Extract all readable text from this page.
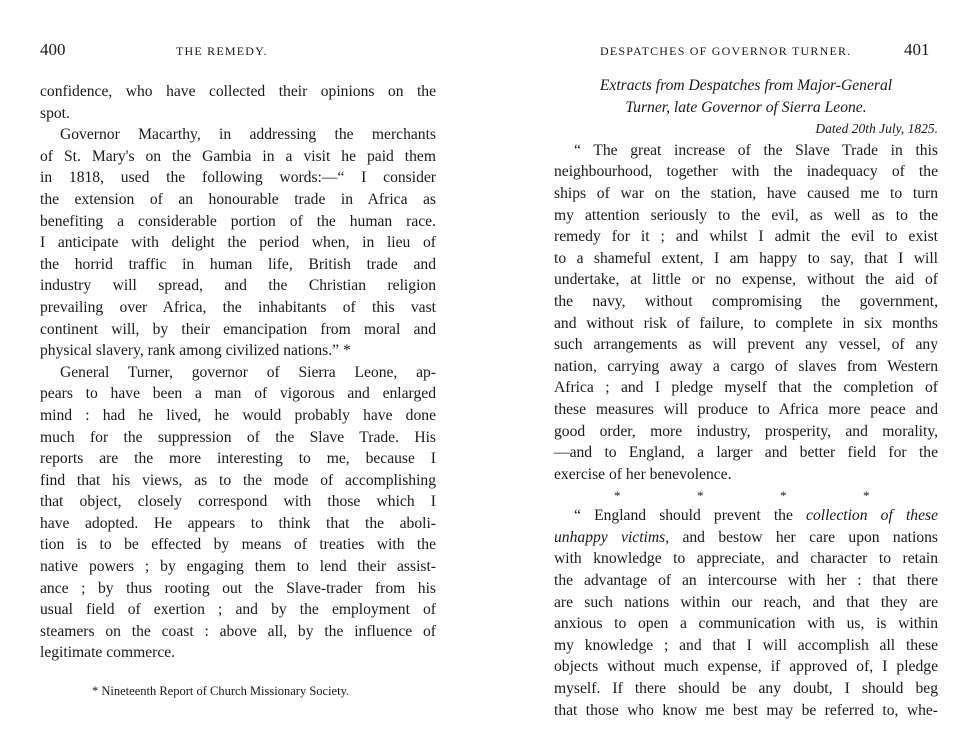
400	THE REMEDY.
confidence, who have collected their opinions on the
spot.
Governor Macarthy, in addressing the merchants
of St. Mary's on the Gambia in a visit he paid them
in 1818, used the following words:—“ I consider
the extension of an honourable trade in Africa as
benefiting a considerable portion of the human race.
I anticipate with delight the period when, in lieu of
the horrid traffic in human life, British trade and
industry will spread, and the Christian religion
prevailing over Africa, the inhabitants of this vast
continent will, by their emancipation from moral and
physical slavery, rank among civilized nations.” *
General Turner, governor of Sierra Leone, ap-
pears to have been a man of vigorous and enlarged
mind : had he lived, he would probably have done
much for the suppression of the Slave Trade. His
reports are the more interesting to me, because I
find that his views, as to the mode of accomplishing
that object, closely correspond with those which I
have adopted. He appears to think that the aboli-
tion is to be effected by means of treaties with the
native powers ; by engaging them to lend their assist-
ance ; by thus rooting out the Slave-trader from his
usual field of exertion ; and by the employment of
steamers on the coast : above all, by the influence of
legitimate commerce.
* Nineteenth Report of Church Missionary Society.
DESPATCHES OF GOVERNOR TURNER.	401
Extracts from Despatches from Major-General
Turner, late Governor of Sierra Leone.
Dated 20th July, 1825.
“ The great increase of the Slave Trade in this
neighbourhood, together with the inadequacy of the
ships of war on the station, have caused me to turn
my attention seriously to the evil, as well as to the
remedy for it ; and whilst I admit the evil to exist
to a shameful extent, I am happy to say, that I will
undertake, at little or no expense, without the aid of
the navy, without compromising the government,
and without risk of failure, to complete in six months
such arrangements as will prevent any vessel, of any
nation, carrying away a cargo of slaves from Western
Africa ; and I pledge myself that the completion of
these measures will produce to Africa more peace and
good order, more industry, prosperity, and morality,
—and to England, a larger and better field for the
exercise of her benevolence.
*	*	*	*
“ England should prevent the collection of these
unhappy victims, and bestow her care upon nations
with knowledge to appreciate, and character to retain
the advantage of an intercourse with her : that there
are such nations within our reach, and that they are
anxious to open a communication with us, is within
my knowledge ; and that I will accomplish all these
objects without much expense, if approved of, I pledge
myself. If there should be any doubt, I should beg
that those who know me best may be referred to, whe-
